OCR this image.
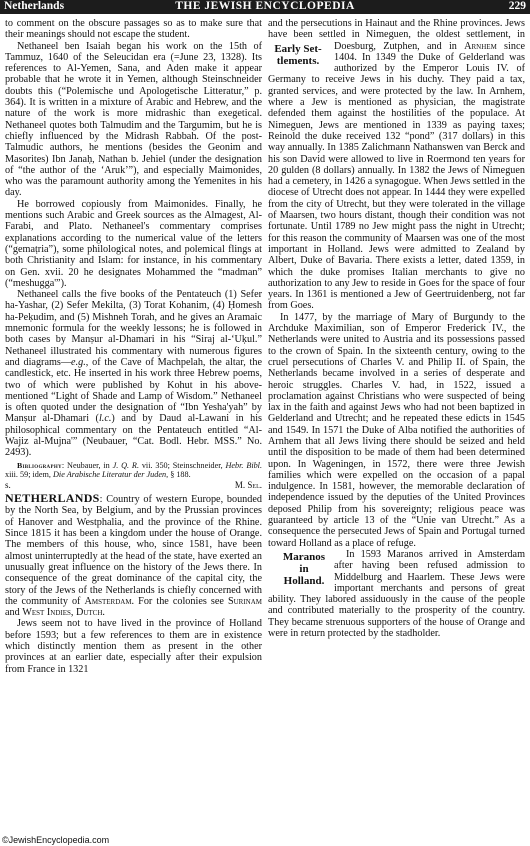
Netherlands	THE JEWISH ENCYCLOPEDIA	229

to comment on the obscure passages so as to make sure that their meanings should not escape the student.

Nethaneel ben Isaiah began his work on the 15th of Tammuz, 1640 of the Seleucidan era (=June 23, 1328). Its references to Al-Yemen, Sana, and Aden make it appear probable that he wrote it in Yemen, although Steinschneider doubts this (“Polemische und Apologetische Litteratur,” p. 364). It is written in a mixture of Arabic and Hebrew, and the nature of the work is more midrashic than exegetical. Nethaneel quotes both Talmudim and the Targumim, but he is chiefly influenced by the Midrash Rabbah. Of the post-Talmudic authors, he mentions (besides the Geonim and Masorites) Ibn Janaḥ, Nathan b. Jehiel (under the designation of “the author of the ‘Aruk’”), and especially Maimonides, who was the paramount authority among the Yemenites in his day.

He borrowed copiously from Maimonides. Finally, he mentions such Arabic and Greek sources as the Almagest, Al-Farabi, and Plato. Nethaneel's commentary comprises explanations according to the numerical value of the letters (“gemaṭria”), some philological notes, and polemical flings at both Christianity and Islam: for instance, in his commentary on Gen. xvii. 20 he designates Mohammed the “madman” (“meshugga'”).

Nethaneel calls the five books of the Pentateuch (1) Sefer ha-Yashar, (2) Sefer Mekilta, (3) Torat Kohanim, (4) Ḥomesh ha-Peḳudim, and (5) Mishneh Torah, and he gives an Aramaic mnemonic formula for the weekly lessons; he is followed in both cases by Manṣur al-Dhamari in his “Siraj al-‘Uḳul.” Nethaneel illustrated his commentary with numerous figures and diagrams—e.g., of the Cave of Machpelah, the altar, the candlestick, etc. He inserted in his work three Hebrew poems, two of which were published by Kohut in his above-mentioned “Light of Shade and Lamp of Wisdom.” Nethaneel is often quoted under the designation of “Ibn Yesha'yah” by Manṣur al-Dhamari (l.c.) and by Daud al-Lawani in his philosophical commentary on the Pentateuch entitled “Al-Wajiz al-Mujna'” (Neubauer, “Cat. Bodl. Hebr. MSS.” No. 2493).

Bibliography: Neubauer, in J. Q. R. vii. 350; Steinschneider, Hebr. Bibl. xiii. 59; idem, Die Arabische Literatur der Juden, § 188.

s.	M. Sel.

NETHERLANDS: Country of western Europe, bounded by the North Sea, by Belgium, and by the Prussian provinces of Hanover and Westphalia, and the province of the Rhine. Since 1815 it has been a kingdom under the house of Orange. The members of this house, who, since 1581, have been almost uninterruptedly at the head of the state, have exerted an unusually great influence on the history of the Jews there. In consequence of the great dominance of the capital city, the story of the Jews of the Netherlands is chiefly concerned with the community of Amsterdam. For the colonies see Surinam and West Indies, Dutch.

Jews seem not to have lived in the province of Holland before 1593; but a few references to them are in existence which distinctly mention them as present in the other provinces at an earlier date, especially after their expulsion from France in 1321

and the persecutions in Hainaut and the Rhine provinces. Jews have been settled in Nimeguen, the oldest settlement, in Doesburg, Zutphen, and in
Early Set-
tlements.
Arnhem since 1404. In 1349 the Duke of Gelderland was authorized by the Emperor Louis IV. of Germany to receive Jews in his duchy. They paid a tax, granted services, and were protected by the law. In Arnhem, where a Jew is mentioned as physician, the magistrate defended them against the hostilities of the populace. At Nimeguen, Jews are mentioned in 1339 as paying taxes; Reinold the duke received 132 “pond” (317 dollars) in this way annually. In 1385 Zalichmann Nathanswen van Berck and his son David were allowed to live in Roermond ten years for 20 gulden (8 dollars) annually. In 1382 the Jews of Nimeguen had a cemetery, in 1426 a synagogue. When Jews settled in the diocese of Utrecht does not appear. In 1444 they were expelled from the city of Utrecht, but they were tolerated in the village of Maarsen, two hours distant, though their condition was not fortunate. Until 1789 no Jew might pass the night in Utrecht; for this reason the community of Maarsen was one of the most important in Holland. Jews were admitted to Zealand by Albert, Duke of Bavaria. There exists a letter, dated 1359, in which the duke promises Italian merchants to give no authorization to any Jew to reside in Goes for the space of four years. In 1361 is mentioned a Jew of Geertruidenberg, not far from Goes.

In 1477, by the marriage of Mary of Burgundy to the Archduke Maximilian, son of Emperor Frederick IV., the Netherlands were united to Austria and its possessions passed to the crown of Spain. In the sixteenth century, owing to the cruel persecutions of Charles V. and Philip II. of Spain, the Netherlands became involved in a series of desperate and heroic struggles. Charles V. had, in 1522, issued a proclamation against Christians who were suspected of being lax in the faith and against Jews who had not been baptized in Gelderland and Utrecht; and he repeated these edicts in 1545 and 1549. In 1571 the Duke of Alba notified the authorities of Arnhem that all Jews living there should be seized and held until the disposition to be made of them had been determined upon. In Wageningen, in 1572, there were three Jewish families which were expelled on the occasion of a papal indulgence. In 1581, however, the memorable declaration of independence issued by the deputies of the United Provinces deposed Philip from his sovereignty; religious peace was guaranteed by article 13 of the “Unie van Utrecht.” As a consequence the persecuted Jews of Spain and Portugal turned toward Holland as a place of refuge.

Maranos
in
Holland.
In 1593 Maranos arrived in Amsterdam after having been refused admission to Middelburg and Haarlem. These Jews were important merchants and persons of great ability. They labored assiduously in the cause of the people and contributed materially to the prosperity of the country. They became strenuous supporters of the house of Orange and were in return protected by the stadholder.

©JewishEncyclopedia.com
